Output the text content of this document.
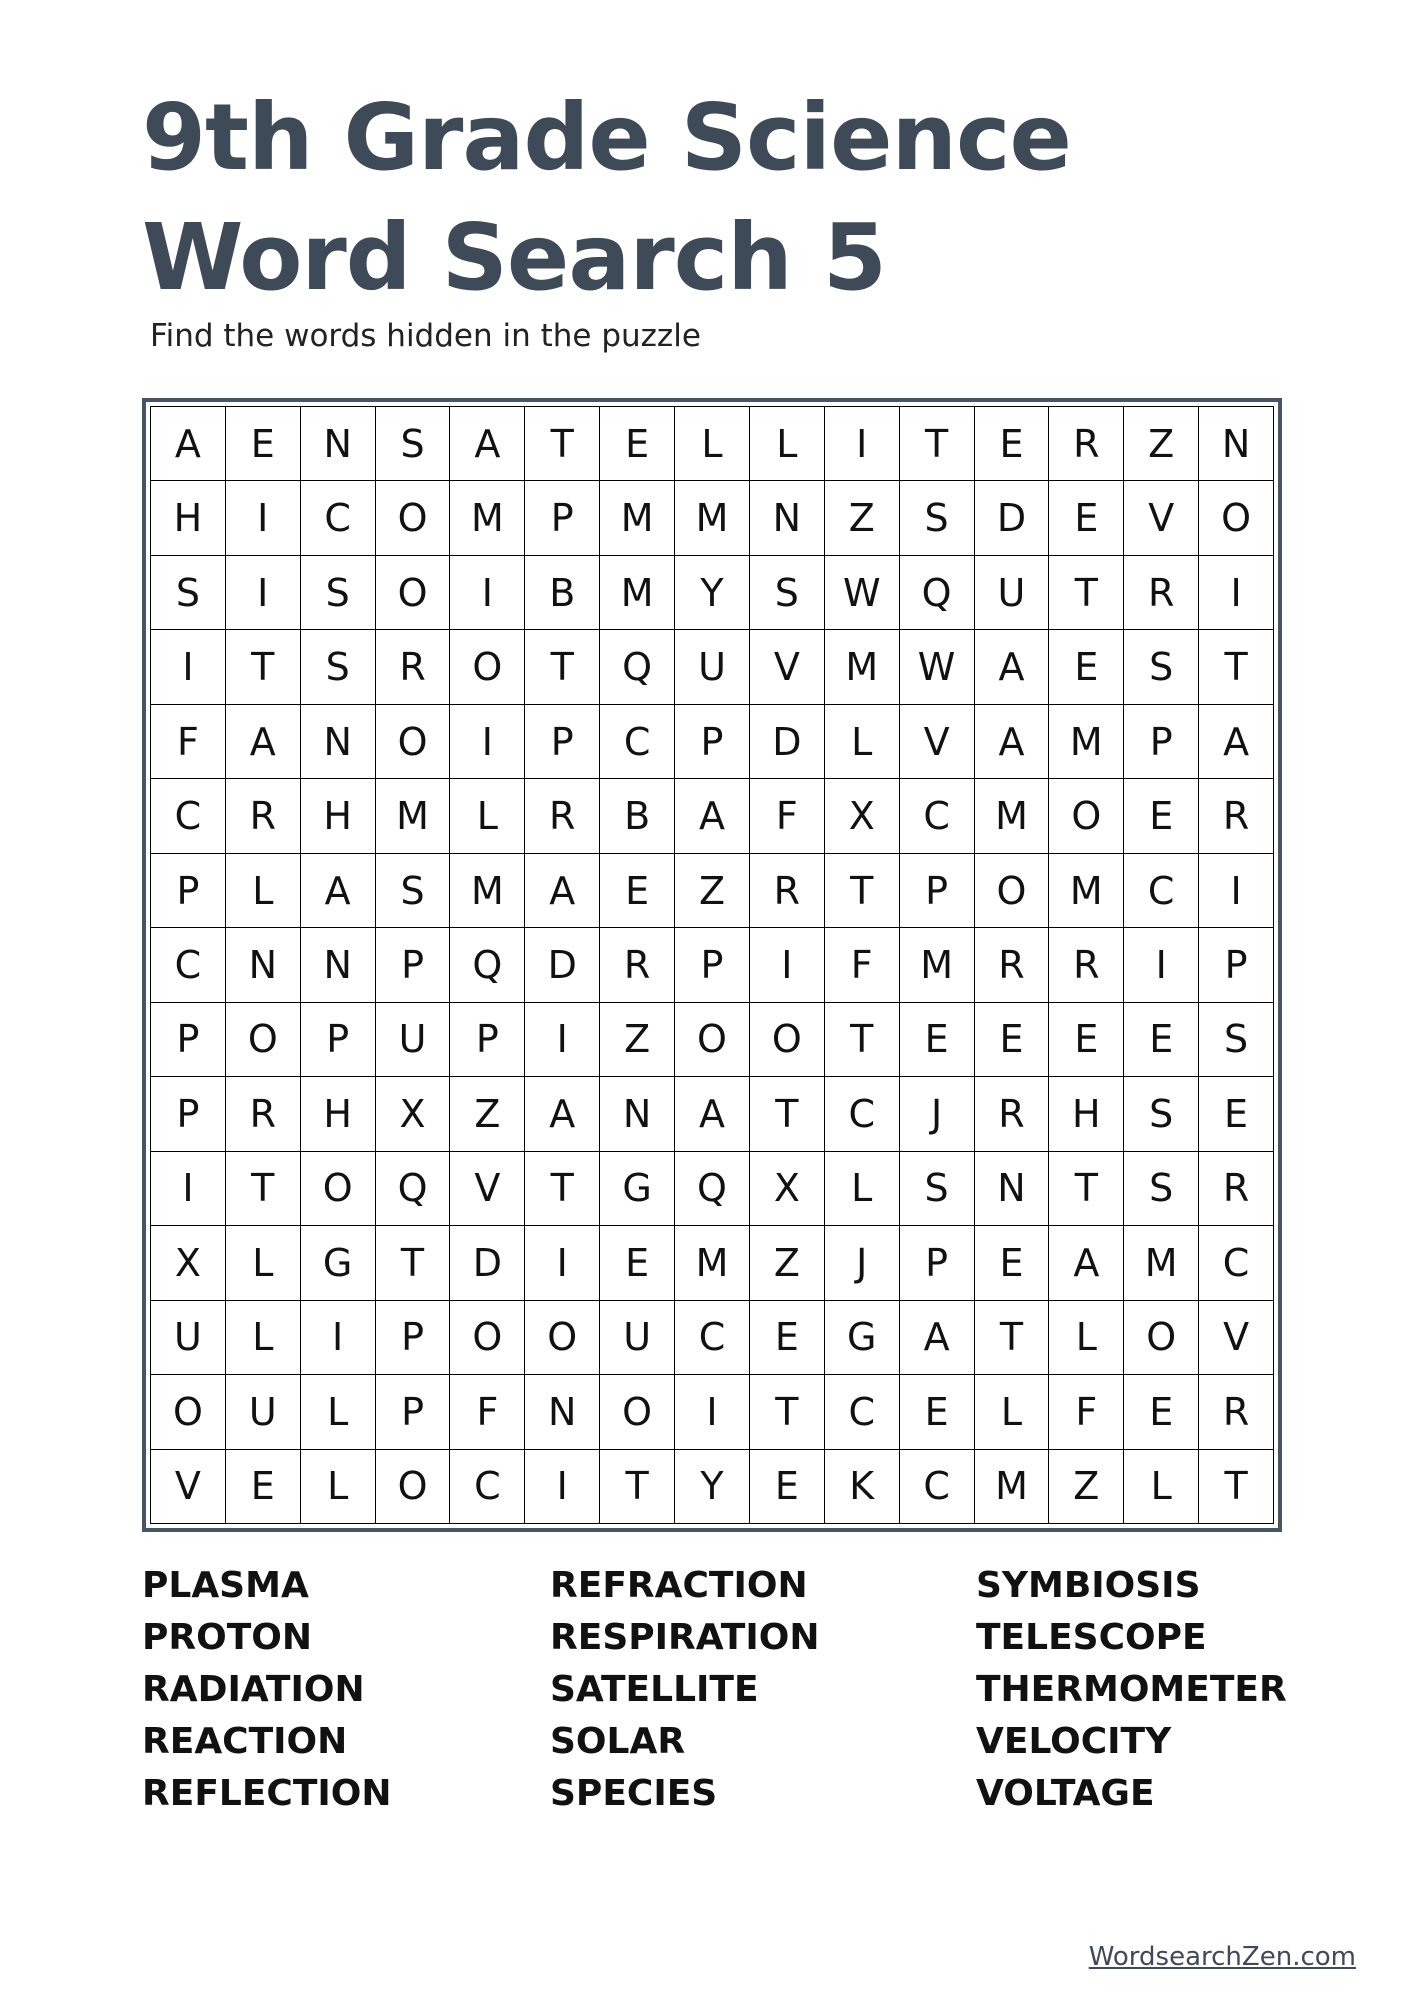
9th Grade Science
Word Search 5

Find the words hidden in the puzzle

A	E	N	S	A	T	E	L	L	I	T	E	R	Z	N
H	I	C	O	M	P	M	M	N	Z	S	D	E	V	O
S	I	S	O	I	B	M	Y	S	W	Q	U	T	R	I
I	T	S	R	O	T	Q	U	V	M	W	A	E	S	T
F	A	N	O	I	P	C	P	D	L	V	A	M	P	A
C	R	H	M	L	R	B	A	F	X	C	M	O	E	R
P	L	A	S	M	A	E	Z	R	T	P	O	M	C	I
C	N	N	P	Q	D	R	P	I	F	M	R	R	I	P
P	O	P	U	P	I	Z	O	O	T	E	E	E	E	S
P	R	H	X	Z	A	N	A	T	C	J	R	H	S	E
I	T	O	Q	V	T	G	Q	X	L	S	N	T	S	R
X	L	G	T	D	I	E	M	Z	J	P	E	A	M	C
U	L	I	P	O	O	U	C	E	G	A	T	L	O	V
O	U	L	P	F	N	O	I	T	C	E	L	F	E	R
V	E	L	O	C	I	T	Y	E	K	C	M	Z	L	T
PLASMA
PROTON
RADIATION
REACTION
REFLECTION
REFRACTION
RESPIRATION
SATELLITE
SOLAR
SPECIES
SYMBIOSIS
TELESCOPE
THERMOMETER
VELOCITY
VOLTAGE
WordsearchZen.com
